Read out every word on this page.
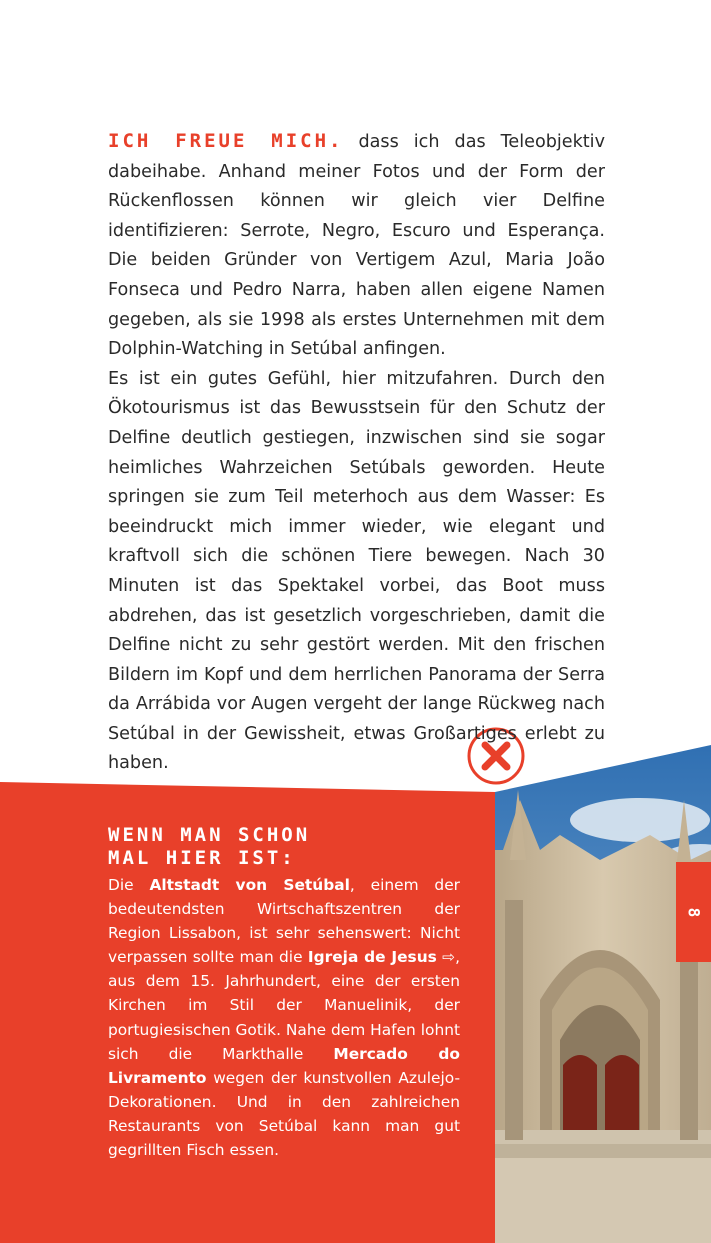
ICH FREUE MICH. dass ich das Teleobjektiv dabeihabe. Anhand meiner Fotos und der Form der Rückenflossen können wir gleich vier Delfine identifizieren: Serrote, Negro, Escuro und Esperança. Die beiden Gründer von Vertigem Azul, Maria João Fonseca und Pedro Narra, haben allen eigene Namen gegeben, als sie 1998 als erstes Unternehmen mit dem Dolphin-Watching in Setúbal anfingen.

Es ist ein gutes Gefühl, hier mitzufahren. Durch den Ökotourismus ist das Bewusstsein für den Schutz der Delfine deutlich gestiegen, inzwischen sind sie sogar heimliches Wahrzeichen Setúbals geworden. Heute springen sie zum Teil meterhoch aus dem Wasser: Es beeindruckt mich immer wieder, wie elegant und kraftvoll sich die schönen Tiere bewegen. Nach 30 Minuten ist das Spektakel vorbei, das Boot muss abdrehen, das ist gesetzlich vorgeschrieben, damit die Delfine nicht zu sehr gestört werden. Mit den frischen Bildern im Kopf und dem herrlichen Panorama der Serra da Arrábida vor Augen vergeht der lange Rückweg nach Setúbal in der Gewissheit, etwas Großartiges erlebt zu haben.

WENN MAN SCHON
MAL HIER IST:

Die Altstadt von Setúbal, einem der bedeutendsten Wirtschaftszentren der Region Lissabon, ist sehr sehenswert: Nicht verpassen sollte man die Igreja de Jesus ⇨, aus dem 15. Jahrhundert, eine der ersten Kirchen im Stil der Manuelinik, der portugiesischen Gotik. Nahe dem Hafen lohnt sich die Markthalle Mercado do Livramento wegen der kunstvollen Azulejo-Dekorationen. Und in den zahlreichen Restaurants von Setúbal kann man gut gegrillten Fisch essen.

8
